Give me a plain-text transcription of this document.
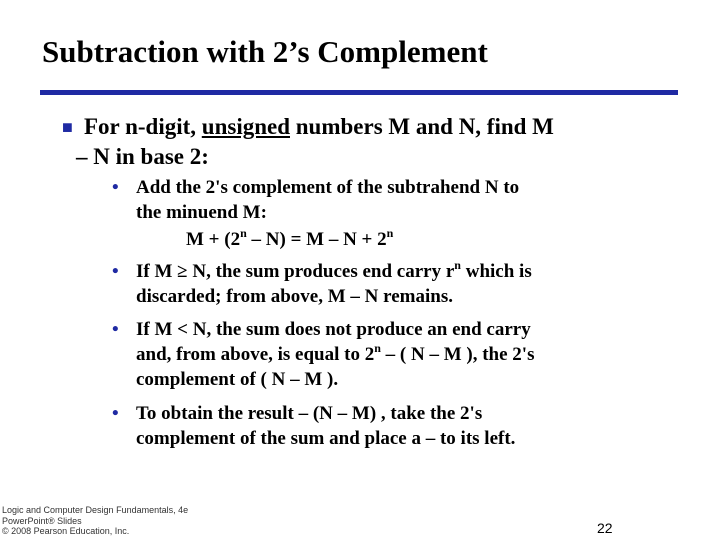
Subtraction with 2’s Complement
■ For n-digit, unsigned numbers M and N, find M
– N in base 2:
• Add the 2's complement of the subtrahend N to
the minuend M:
$M + (2^n - N) = M - N + 2^n$
• If M ≥ N, the sum produces end carry $r^n$ which is
discarded; from above, M – N remains.
• If M < N, the sum does not produce an end carry
and, from above, is equal to 2$^n$ – ( N – M ), the 2's
complement of ( N – M ).
• To obtain the result – (N – M) , take the 2's
complement of the sum and place a – to its left.
Logic and Computer Design Fundamentals, 4e
PowerPoint® Slides
© 2008 Pearson Education, Inc.	22
